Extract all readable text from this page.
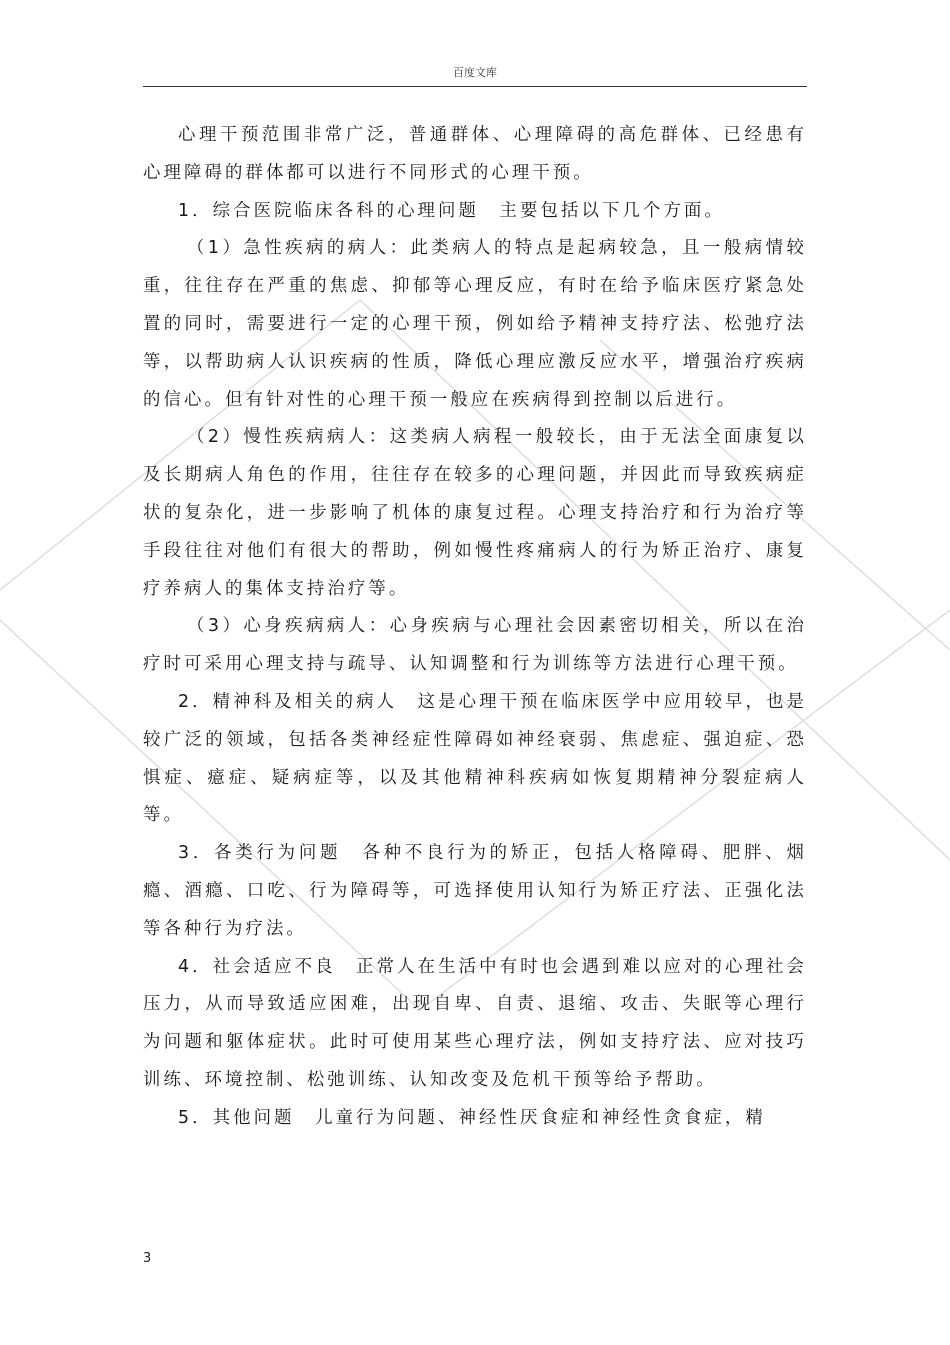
百度文库

心理干预范围非常广泛，普通群体、心理障碍的高危群体、已经患有心理障碍的群体都可以进行不同形式的心理干预。

1．综合医院临床各科的心理问题　主要包括以下几个方面。

（1）急性疾病的病人：此类病人的特点是起病较急，且一般病情较重，往往存在严重的焦虑、抑郁等心理反应，有时在给予临床医疗紧急处置的同时，需要进行一定的心理干预，例如给予精神支持疗法、松弛疗法等，以帮助病人认识疾病的性质，降低心理应激反应水平，增强治疗疾病的信心。但有针对性的心理干预一般应在疾病得到控制以后进行。

（2）慢性疾病病人：这类病人病程一般较长，由于无法全面康复以及长期病人角色的作用，往往存在较多的心理问题，并因此而导致疾病症状的复杂化，进一步影响了机体的康复过程。心理支持治疗和行为治疗等手段往往对他们有很大的帮助，例如慢性疼痛病人的行为矫正治疗、康复疗养病人的集体支持治疗等。

（3）心身疾病病人：心身疾病与心理社会因素密切相关，所以在治疗时可采用心理支持与疏导、认知调整和行为训练等方法进行心理干预。

2．精神科及相关的病人　这是心理干预在临床医学中应用较早，也是较广泛的领域，包括各类神经症性障碍如神经衰弱、焦虑症、强迫症、恐惧症、癔症、疑病症等，以及其他精神科疾病如恢复期精神分裂症病人等。

3．各类行为问题　各种不良行为的矫正，包括人格障碍、肥胖、烟瘾、酒瘾、口吃、行为障碍等，可选择使用认知行为矫正疗法、正强化法等各种行为疗法。

4．社会适应不良　正常人在生活中有时也会遇到难以应对的心理社会压力，从而导致适应困难，出现自卑、自责、退缩、攻击、失眠等心理行为问题和躯体症状。此时可使用某些心理疗法，例如支持疗法、应对技巧训练、环境控制、松弛训练、认知改变及危机干预等给予帮助。

5．其他问题　儿童行为问题、神经性厌食症和神经性贪食症，精

3
